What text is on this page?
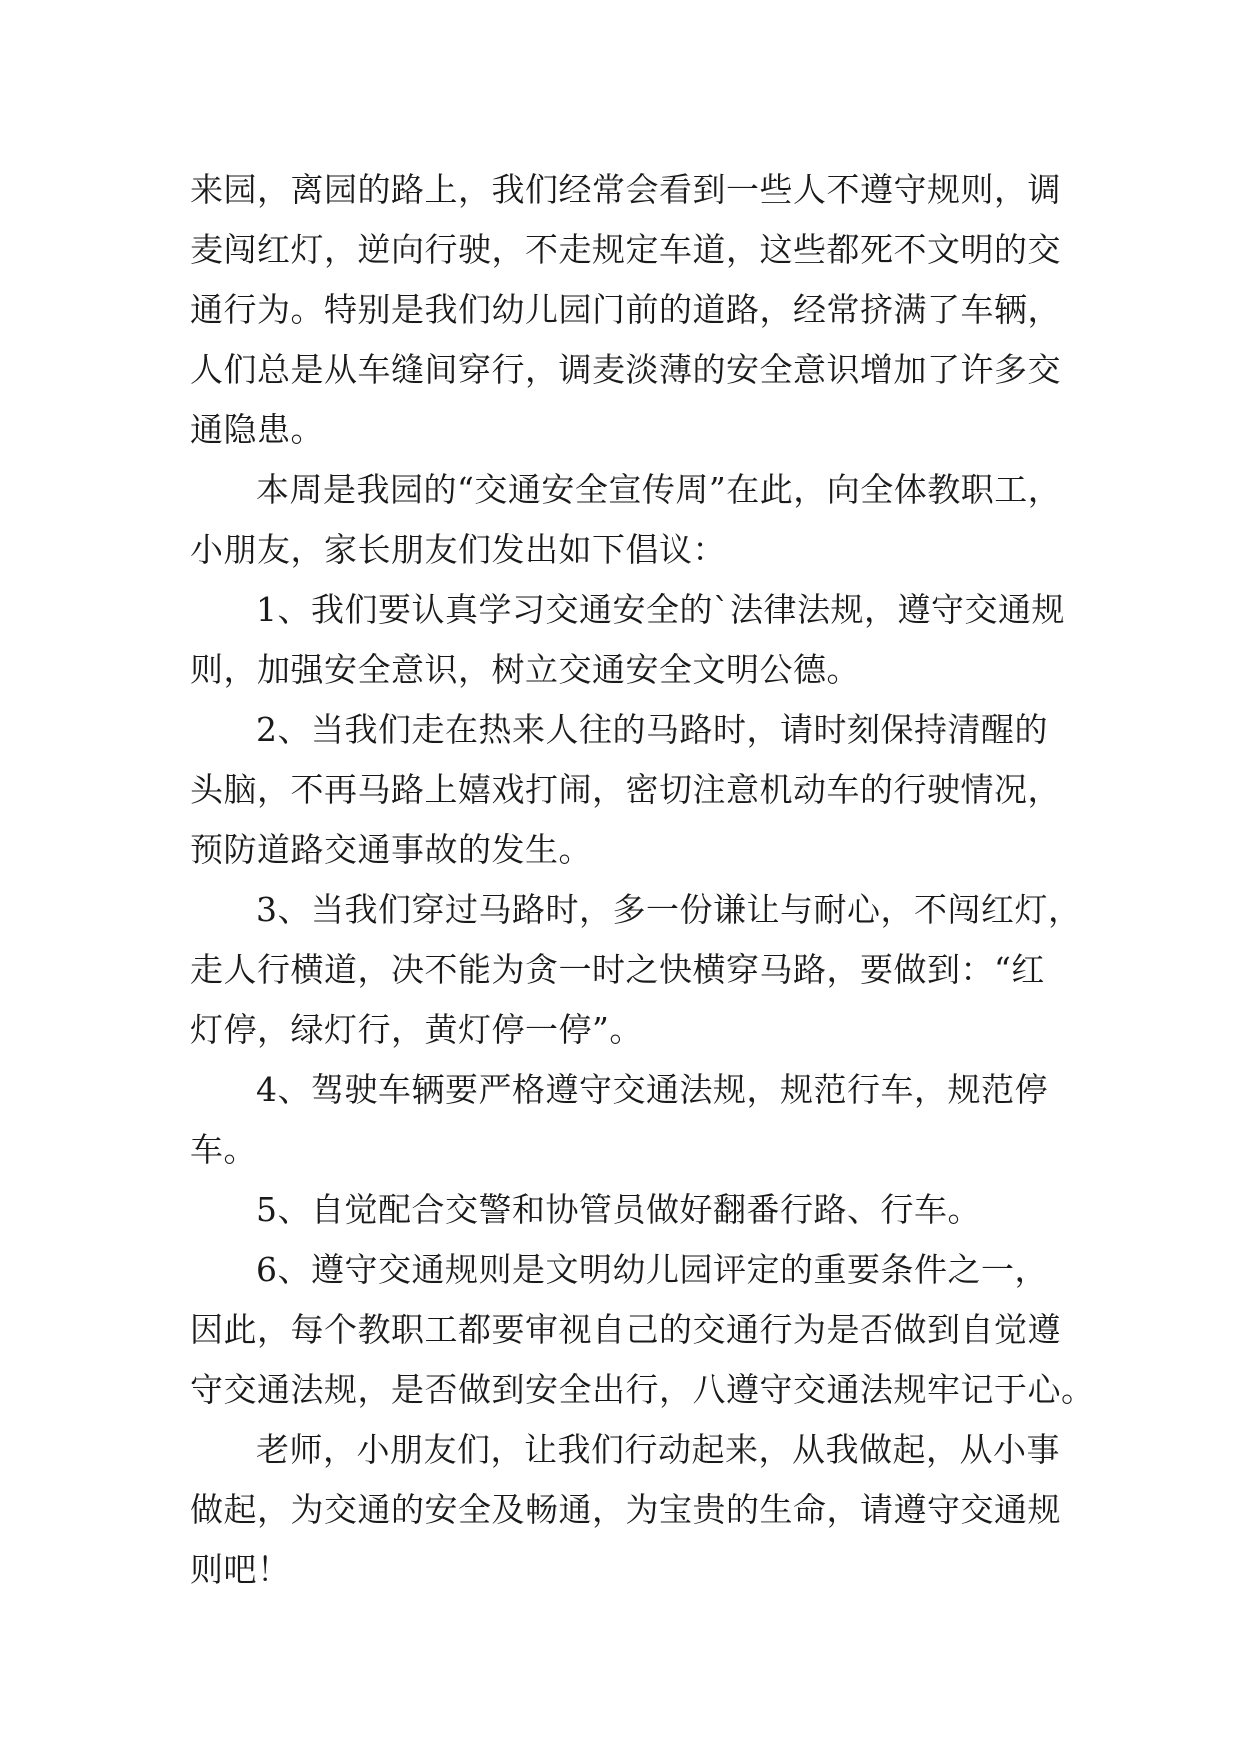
来园，离园的路上，我们经常会看到一些人不遵守规则，调
麦闯红灯，逆向行驶，不走规定车道，这些都死不文明的交
通行为。特别是我们幼儿园门前的道路，经常挤满了车辆，
人们总是从车缝间穿行，调麦淡薄的安全意识增加了许多交
通隐患。
本周是我园的“交通安全宣传周”在此，向全体教职工，
小朋友，家长朋友们发出如下倡议：
1、我们要认真学习交通安全的`法律法规，遵守交通规
则，加强安全意识，树立交通安全文明公德。
2、当我们走在热来人往的马路时，请时刻保持清醒的
头脑，不再马路上嬉戏打闹，密切注意机动车的行驶情况，
预防道路交通事故的发生。
3、当我们穿过马路时，多一份谦让与耐心，不闯红灯，
走人行横道，决不能为贪一时之快横穿马路，要做到：“红
灯停，绿灯行，黄灯停一停”。
4、驾驶车辆要严格遵守交通法规，规范行车，规范停
车。
5、自觉配合交警和协管员做好翻番行路、行车。
6、遵守交通规则是文明幼儿园评定的重要条件之一，
因此，每个教职工都要审视自己的交通行为是否做到自觉遵
守交通法规，是否做到安全出行，八遵守交通法规牢记于心。
老师，小朋友们，让我们行动起来，从我做起，从小事
做起，为交通的安全及畅通，为宝贵的生命，请遵守交通规
则吧！
